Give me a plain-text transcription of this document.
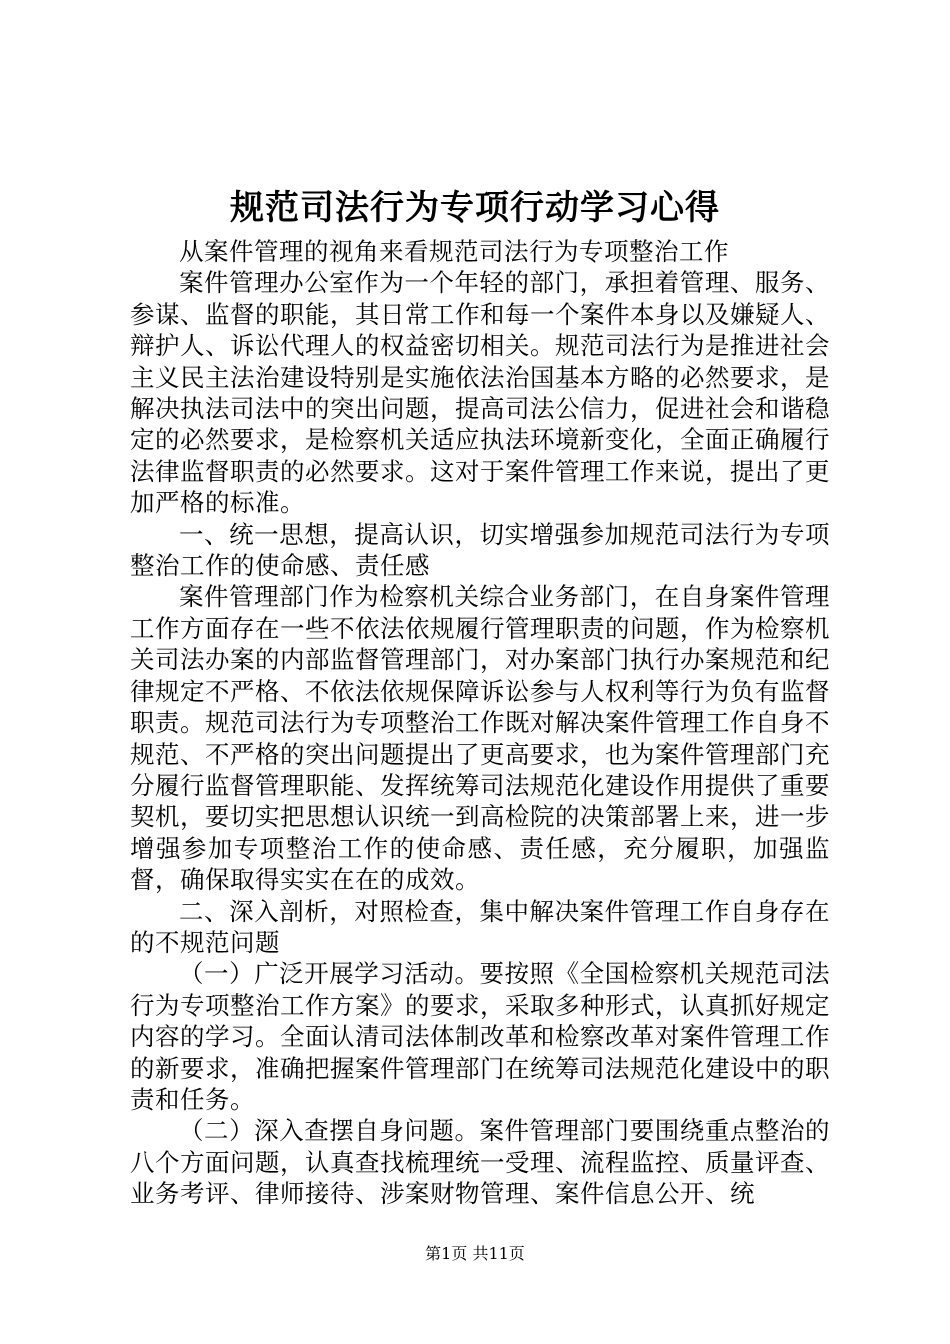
规范司法行为专项行动学习心得

从案件管理的视角来看规范司法行为专项整治工作

案件管理办公室作为一个年轻的部门，承担着管理、服务、参谋、监督的职能，其日常工作和每一个案件本身以及嫌疑人、辩护人、诉讼代理人的权益密切相关。规范司法行为是推进社会主义民主法治建设特别是实施依法治国基本方略的必然要求，是解决执法司法中的突出问题，提高司法公信力，促进社会和谐稳定的必然要求，是检察机关适应执法环境新变化，全面正确履行法律监督职责的必然要求。这对于案件管理工作来说，提出了更加严格的标准。

一、统一思想，提高认识，切实增强参加规范司法行为专项整治工作的使命感、责任感

案件管理部门作为检察机关综合业务部门，在自身案件管理工作方面存在一些不依法依规履行管理职责的问题，作为检察机关司法办案的内部监督管理部门，对办案部门执行办案规范和纪律规定不严格、不依法依规保障诉讼参与人权利等行为负有监督职责。规范司法行为专项整治工作既对解决案件管理工作自身不规范、不严格的突出问题提出了更高要求，也为案件管理部门充分履行监督管理职能、发挥统筹司法规范化建设作用提供了重要契机，要切实把思想认识统一到高检院的决策部署上来，进一步增强参加专项整治工作的使命感、责任感，充分履职，加强监督，确保取得实实在在的成效。

二、深入剖析，对照检查，集中解决案件管理工作自身存在的不规范问题

（一）广泛开展学习活动。要按照《全国检察机关规范司法行为专项整治工作方案》的要求，采取多种形式，认真抓好规定内容的学习。全面认清司法体制改革和检察改革对案件管理工作的新要求，准确把握案件管理部门在统筹司法规范化建设中的职责和任务。

（二）深入查摆自身问题。案件管理部门要围绕重点整治的八个方面问题，认真查找梳理统一受理、流程监控、质量评查、业务考评、律师接待、涉案财物管理、案件信息公开、统

第1页 共11页
